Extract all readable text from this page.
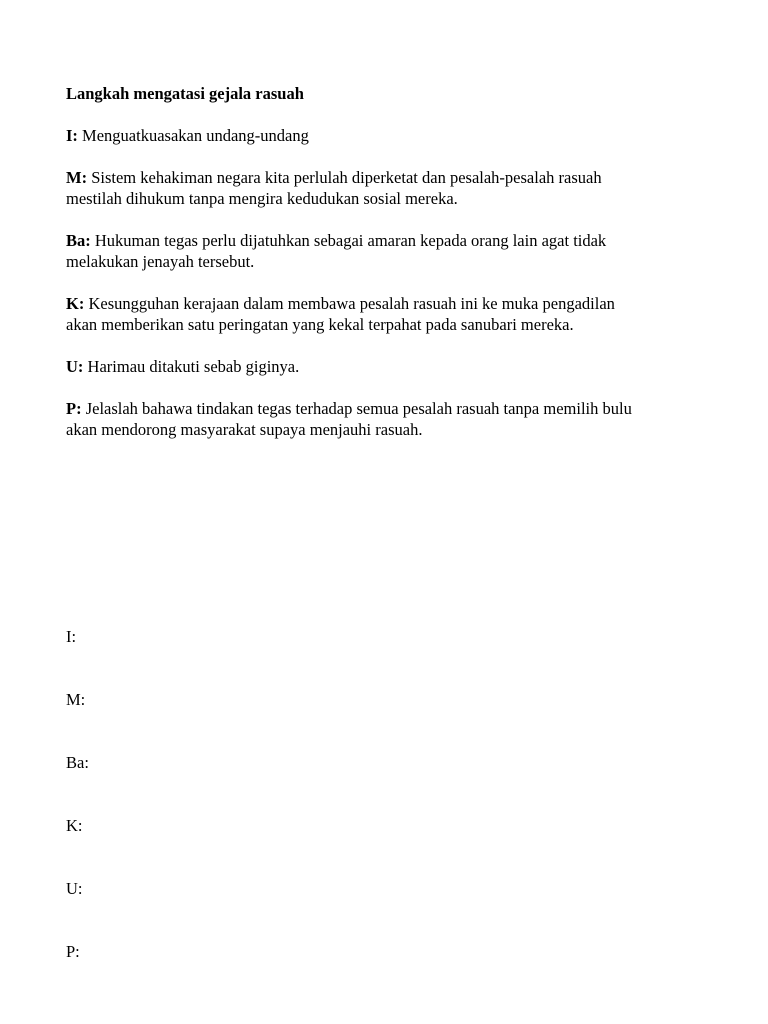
Langkah mengatasi gejala rasuah
I: Menguatkuasakan undang-undang
M: Sistem kehakiman negara kita perlulah diperketat dan pesalah-pesalah rasuah
mestilah dihukum tanpa mengira kedudukan sosial mereka.
Ba: Hukuman tegas perlu dijatuhkan sebagai amaran kepada orang lain agat tidak
melakukan jenayah tersebut.
K: Kesungguhan kerajaan dalam membawa pesalah rasuah ini ke muka pengadilan
akan memberikan satu peringatan yang kekal terpahat pada sanubari mereka.
U: Harimau ditakuti sebab giginya.
P: Jelaslah bahawa tindakan tegas terhadap semua pesalah rasuah tanpa memilih bulu
akan mendorong masyarakat supaya menjauhi rasuah.
I:
M:
Ba:
K:
U:
P:
